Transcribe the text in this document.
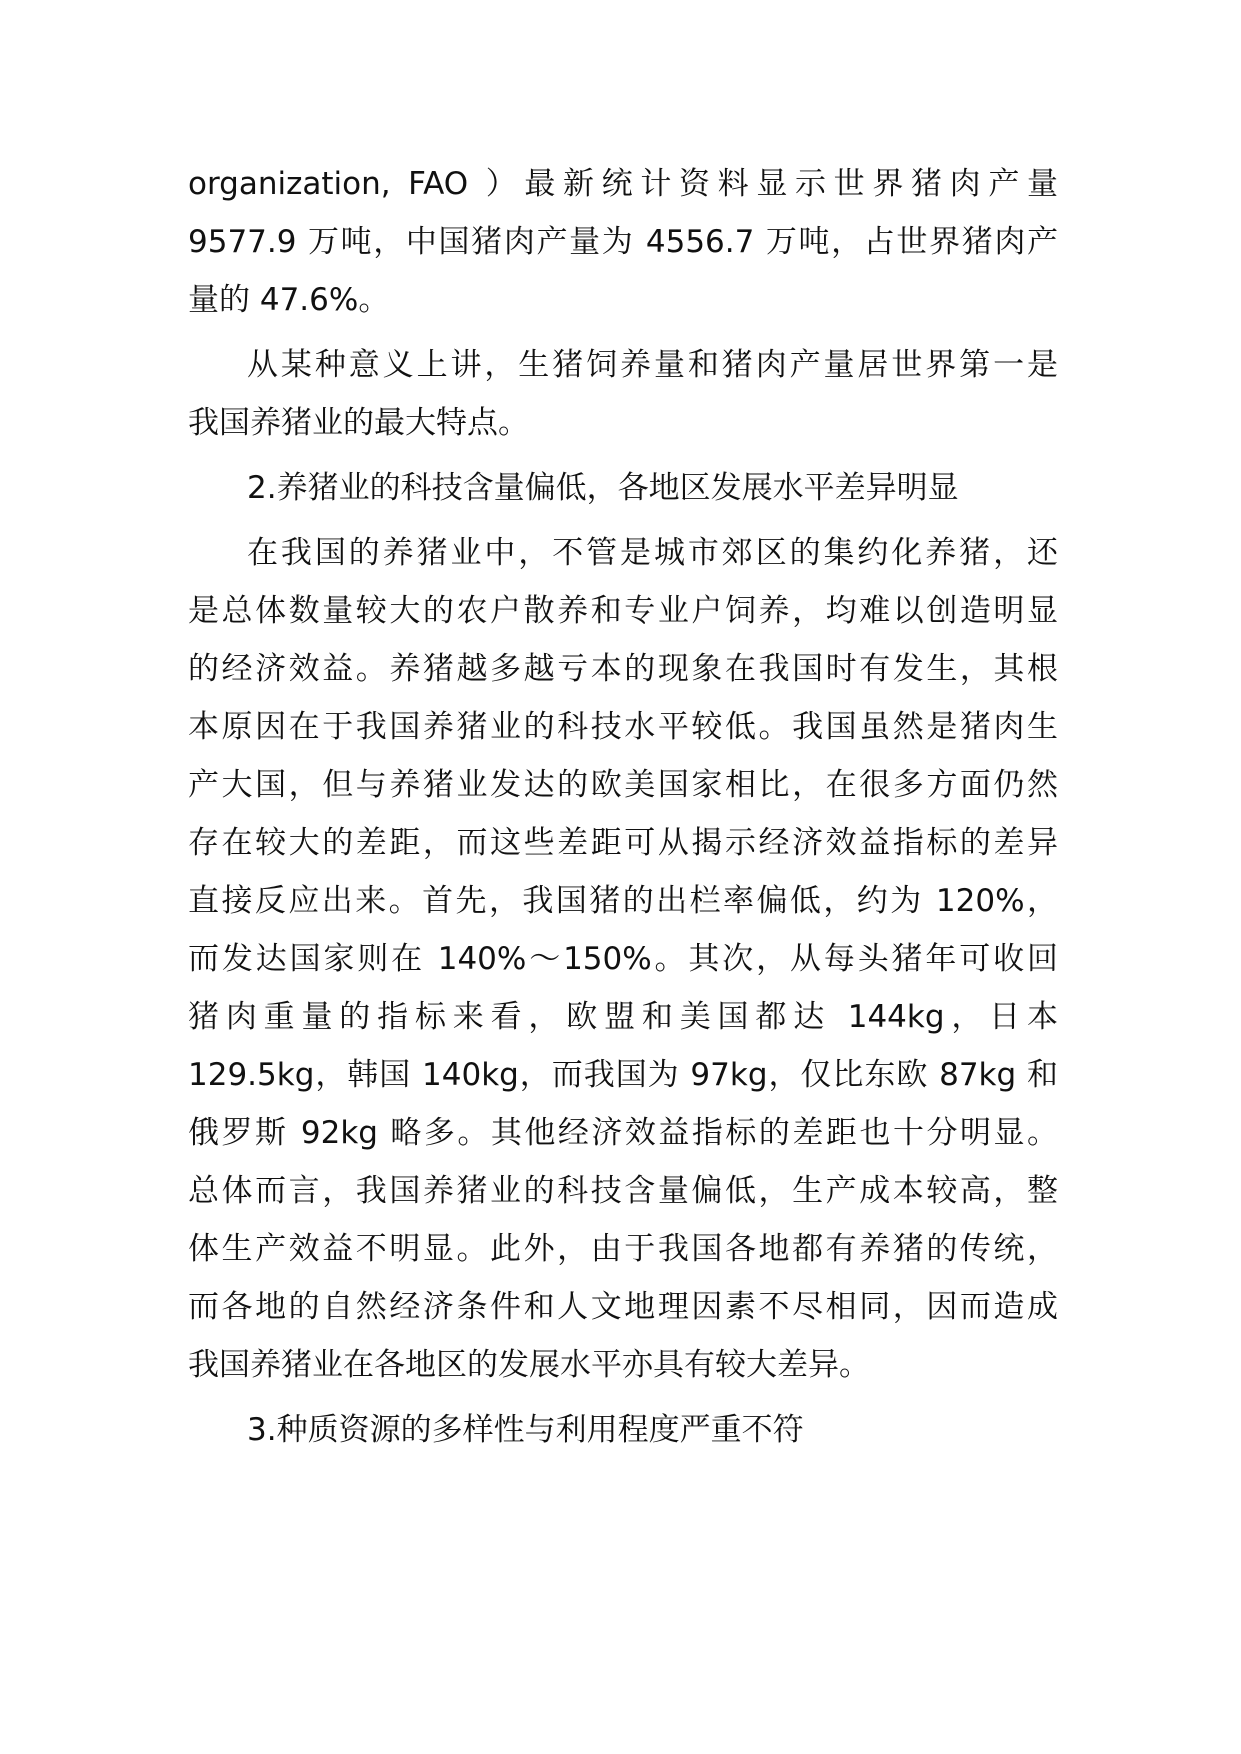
organization, FAO ）最新统计资料显示世界猪肉产量
9577.9 万吨，中国猪肉产量为 4556.7 万吨，占世界猪肉产
量的 47.6%。
从某种意义上讲，生猪饲养量和猪肉产量居世界第一是
我国养猪业的最大特点。
2.养猪业的科技含量偏低，各地区发展水平差异明显
在我国的养猪业中，不管是城市郊区的集约化养猪，还
是总体数量较大的农户散养和专业户饲养，均难以创造明显
的经济效益。养猪越多越亏本的现象在我国时有发生，其根
本原因在于我国养猪业的科技水平较低。我国虽然是猪肉生
产大国，但与养猪业发达的欧美国家相比，在很多方面仍然
存在较大的差距，而这些差距可从揭示经济效益指标的差异
直接反应出来。首先，我国猪的出栏率偏低，约为 120%，
而发达国家则在 140%～150%。其次，从每头猪年可收回
猪肉重量的指标来看，欧盟和美国都达 144kg，日本
129.5kg，韩国 140kg，而我国为 97kg，仅比东欧 87kg 和
俄罗斯 92kg 略多。其他经济效益指标的差距也十分明显。
总体而言，我国养猪业的科技含量偏低，生产成本较高，整
体生产效益不明显。此外，由于我国各地都有养猪的传统，
而各地的自然经济条件和人文地理因素不尽相同，因而造成
我国养猪业在各地区的发展水平亦具有较大差异。
3.种质资源的多样性与利用程度严重不符
